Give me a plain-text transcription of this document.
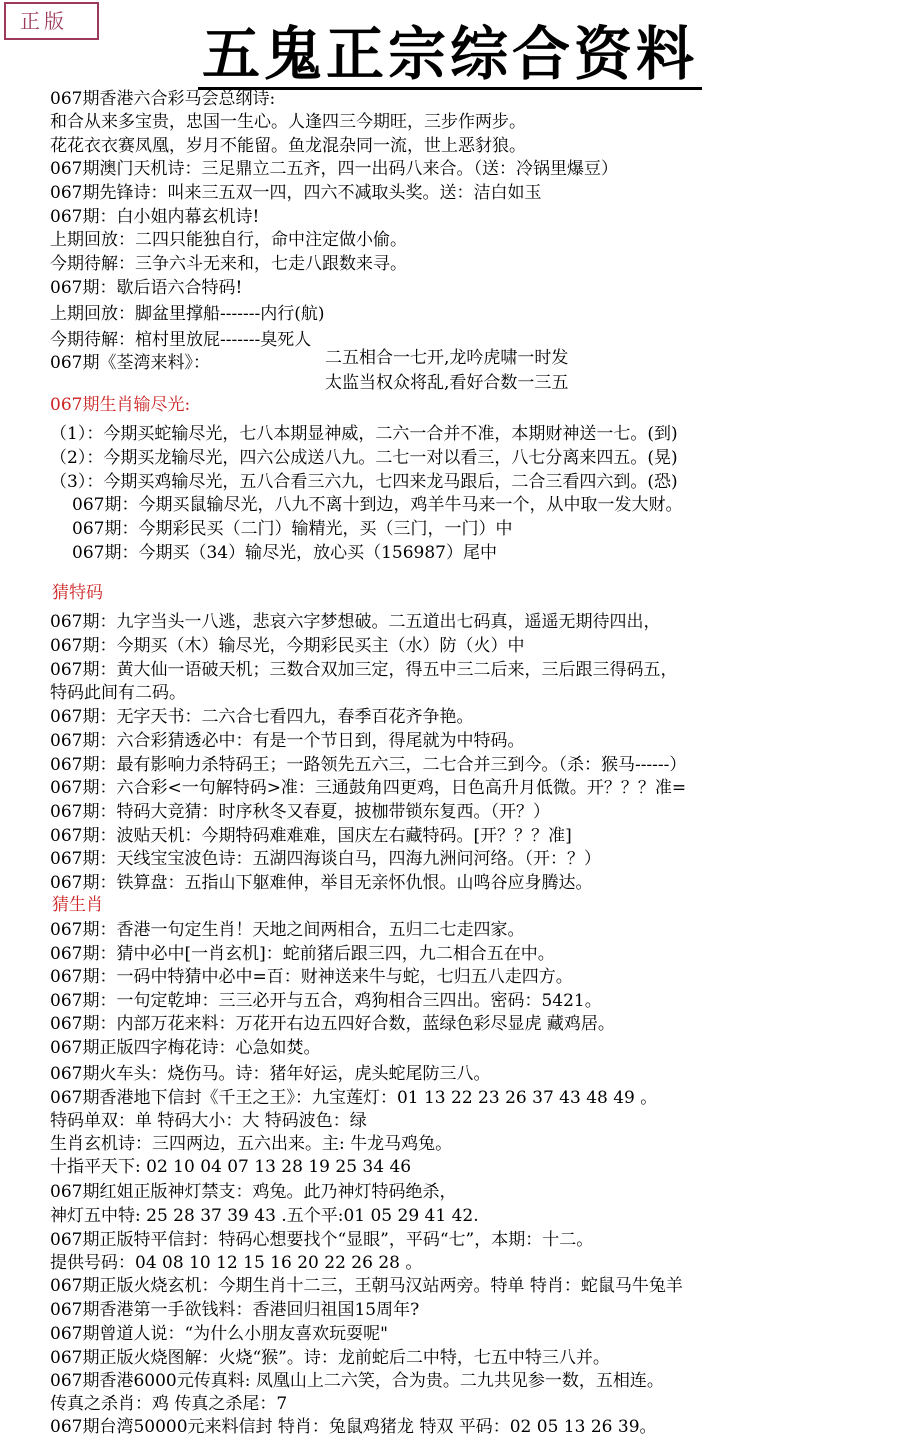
正版	五鬼正宗综合资料
067期香港六合彩马会总纲诗:
和合从来多宝贵，忠国一生心。人逢四三今期旺，三步作两步。
花花衣衣赛凤凰，岁月不能留。鱼龙混杂同一流，世上恶豺狼。
067期澳门天机诗：三足鼎立二五齐，四一出码八来合。（送：冷锅里爆豆）
067期先锋诗：叫来三五双一四，四六不减取头奖。送：洁白如玉
067期：白小姐内幕玄机诗!
上期回放：二四只能独自行，命中注定做小偷。
今期待解：三争六斗无来和，七走八跟数来寻。
067期：歇后语六合特码!
上期回放：脚盆里撑船-------内行(航)
今期待解：棺村里放屁-------臭死人
067期《荃湾来料》：	二五相合一七开,龙吟虎啸一时发
太监当权众将乱,看好合数一三五
067期生肖输尽光:
（1）：今期买蛇输尽光，七八本期显神威，二六一合并不准，本期财神送一七。(到)
（2）：今期买龙输尽光，四六公成送八九。二七一对以看三，八七分离来四五。(晃)
（3）：今期买鸡输尽光，五八合看三六九，七四来龙马跟后，二合三看四六到。(恐)
067期：今期买鼠输尽光，八九不离十到边，鸡羊牛马来一个，从中取一发大财。
067期：今期彩民买（二门）输精光，买（三门，一门）中
067期：今期买（34）输尽光，放心买（156987）尾中
猜特码
067期：九字当头一八逃，悲哀六字梦想破。二五道出七码真，遥遥无期待四出，
067期：今期买（木）输尽光，今期彩民买主（水）防（火）中
067期：黄大仙一语破天机；三数合双加三定，得五中三二后来，三后跟三得码五，
特码此间有二码。
067期：无字天书：二六合七看四九，春季百花齐争艳。
067期：六合彩猜透必中：有是一个节日到，得尾就为中特码。
067期：最有影响力杀特码王；一路领先五六三，二七合并三到今。（杀：猴马------）
067期：六合彩<一句解特码>准：三通鼓角四更鸡，日色高升月低微。开？？？准=
067期：特码大竞猜：时序秋冬又春夏，披枷带锁东复西。（开？）
067期：波贴天机：今期特码难难难，国庆左右藏特码。[开？？？准]
067期：天线宝宝波色诗：五湖四海谈白马，四海九洲问河络。（开：？）
067期：铁算盘：五指山下躯难伸，举目无亲怀仇恨。山鸣谷应身腾达。
猜生肖
067期：香港一句定生肖！天地之间两相合，五归二七走四家。
067期：猜中必中[一肖玄机]：蛇前猪后跟三四，九二相合五在中。
067期：一码中特猜中必中=百：财神送来牛与蛇，七归五八走四方。
067期：一句定乾坤：三三必开与五合，鸡狗相合三四出。密码：5421。
067期：内部万花来料：万花开右边五四好合数，蓝绿色彩尽显虎 藏鸡居。
067期正版四字梅花诗：心急如焚。
067期火车头：烧伤马。诗：猪年好运，虎头蛇尾防三八。
067期香港地下信封《千王之王》：九宝莲灯：01 13 22 23 26 37 43 48 49 。
特码单双：单 特码大小：大 特码波色：绿
生肖玄机诗：三四两边，五六出来。主: 牛龙马鸡兔。
十指平天下: 02 10 04 07 13 28 19 25 34 46
067期红姐正版神灯禁支：鸡兔。此乃神灯特码绝杀，
神灯五中特: 25 28 37 39 43 .五个平:01 05 29 41 42.
067期正版特平信封：特码心想要找个“显眼”，平码“七”，本期：十二。
提供号码：04 08 10 12 15 16 20 22 26 28 。
067期正版火烧玄机：今期生肖十二三，王朝马汉站两旁。特单 特肖：蛇鼠马牛兔羊
067期香港第一手欲钱料：香港回归祖国15周年?
067期曾道人说：“为什么小朋友喜欢玩耍呢"
067期正版火烧图解：火烧“猴”。诗：龙前蛇后二中特，七五中特三八并。
067期香港6000元传真料: 凤凰山上二六笑，合为贵。二九共见参一数，五相连。
传真之杀肖：鸡 传真之杀尾：7
067期台湾50000元来料信封 特肖：兔鼠鸡猪龙 特双 平码：02 05 13 26 39。
